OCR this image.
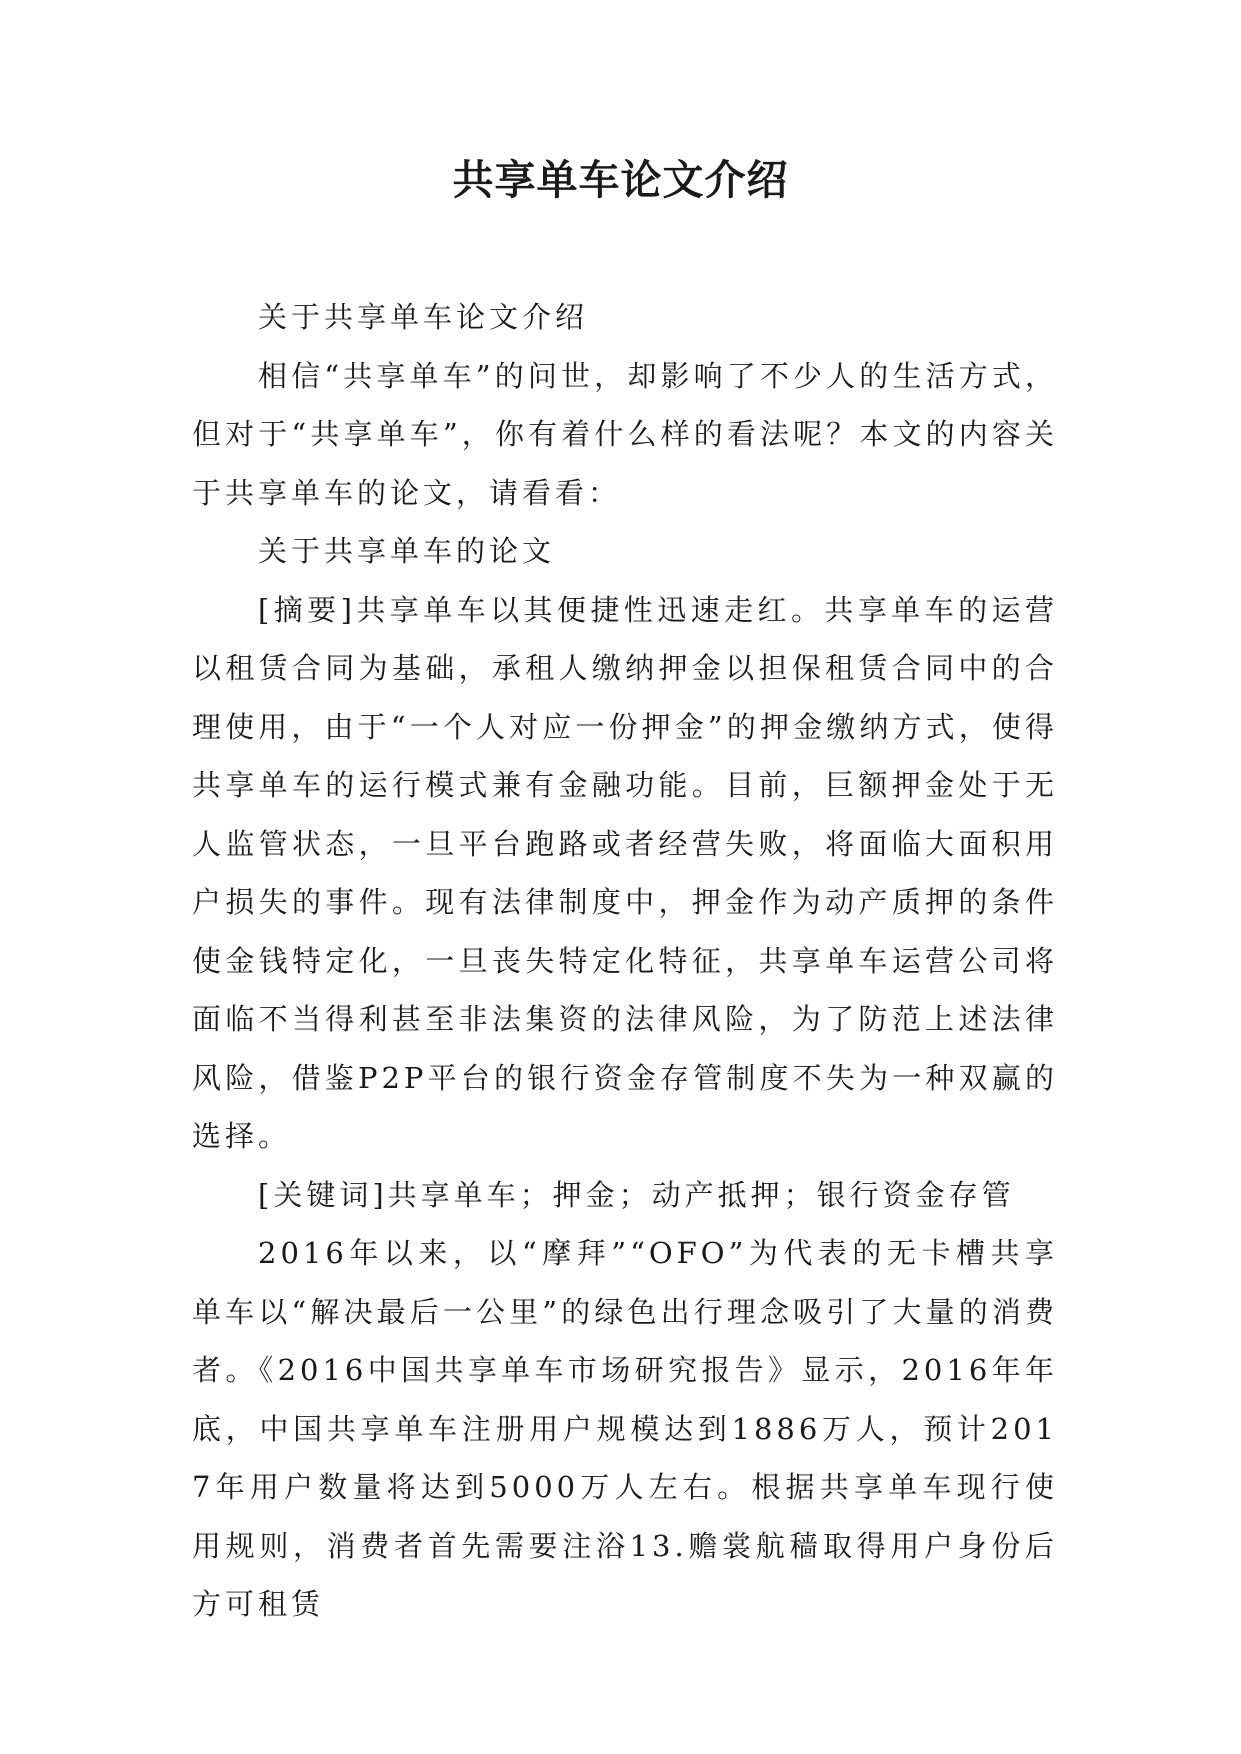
共享单车论文介绍

关于共享单车论文介绍

相信“共享单车”的问世，却影响了不少人的生活方式，但对于“共享单车”，你有着什么样的看法呢？本文的内容关于共享单车的论文，请看看：

关于共享单车的论文

[摘要]共享单车以其便捷性迅速走红。共享单车的运营以租赁合同为基础，承租人缴纳押金以担保租赁合同中的合理使用，由于“一个人对应一份押金”的押金缴纳方式，使得共享单车的运行模式兼有金融功能。目前，巨额押金处于无人监管状态，一旦平台跑路或者经营失败，将面临大面积用户损失的事件。现有法律制度中，押金作为动产质押的条件使金钱特定化，一旦丧失特定化特征，共享单车运营公司将面临不当得利甚至非法集资的法律风险，为了防范上述法律风险，借鉴P2P平台的银行资金存管制度不失为一种双赢的选择。

[关键词]共享单车；押金；动产抵押；银行资金存管

2016年以来，以“摩拜”“OFO”为代表的无卡槽共享单车以“解决最后一公里”的绿色出行理念吸引了大量的消费者。《2016中国共享单车市场研究报告》显示，2016年年底，中国共享单车注册用户规模达到1886万人，预计2017年用户数量将达到5000万人左右。根据共享单车现行使用规则，消费者首先需要注浴13.赡裳航穑取得用户身份后方可租赁
